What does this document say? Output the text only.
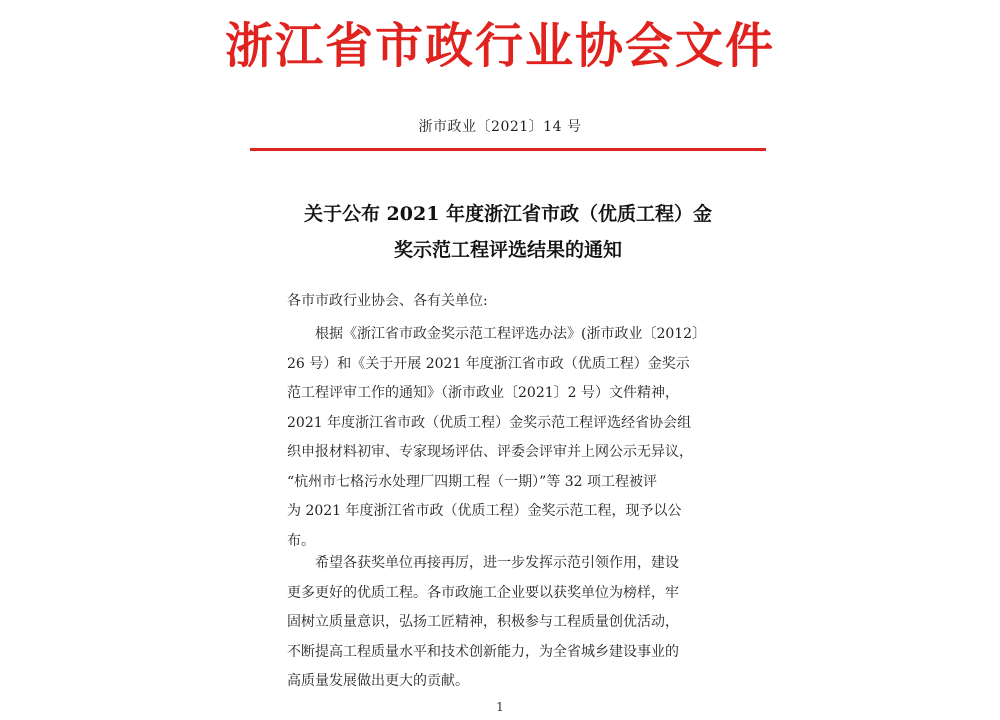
浙江省市政行业协会文件
浙市政业〔2021〕14 号
关于公布 2021 年度浙江省市政（优质工程）金
奖示范工程评选结果的通知
各市市政行业协会、各有关单位:
　　根据《浙江省市政金奖示范工程评选办法》(浙市政业〔2012〕
26 号）和《关于开展 2021 年度浙江省市政（优质工程）金奖示
范工程评审工作的通知》（浙市政业〔2021〕2 号）文件精神，
2021 年度浙江省市政（优质工程）金奖示范工程评选经省协会组
织申报材料初审、专家现场评估、评委会评审并上网公示无异议，
“杭州市七格污水处理厂四期工程（一期）”等 32 项工程被评
为 2021 年度浙江省市政（优质工程）金奖示范工程，现予以公
布。
　　希望各获奖单位再接再厉，进一步发挥示范引领作用，建设
更多更好的优质工程。各市政施工企业要以获奖单位为榜样，牢
固树立质量意识，弘扬工匠精神，积极参与工程质量创优活动，
不断提高工程质量水平和技术创新能力，为全省城乡建设事业的
高质量发展做出更大的贡献。
1
